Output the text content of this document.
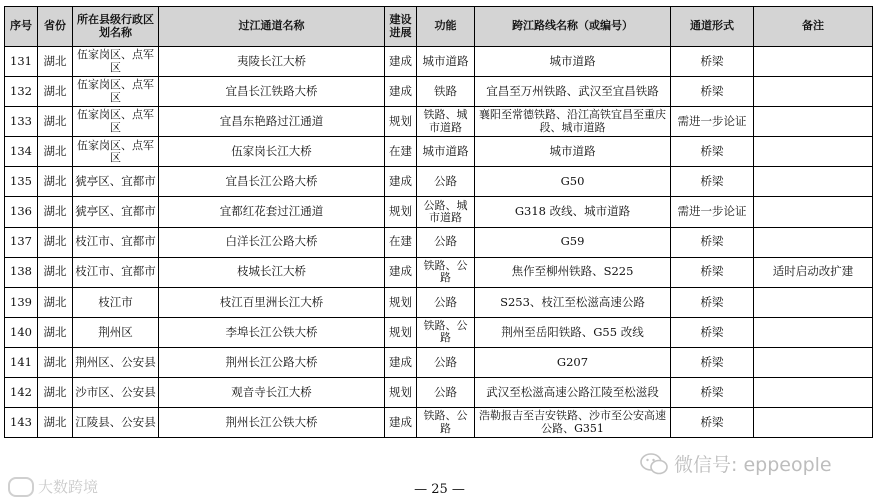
序号	省份	所在县级行政区划名称	过江通道名称	建设进展	功能	跨江路线名称（或编号）	通道形式	备注
131	湖北	伍家岗区、点军区	夷陵长江大桥	建成	城市道路	城市道路	桥梁	
132	湖北	伍家岗区、点军区	宜昌长江铁路大桥	建成	铁路	宜昌至万州铁路、武汉至宜昌铁路	桥梁	
133	湖北	伍家岗区、点军区	宜昌东艳路过江通道	规划	铁路、城市道路	襄阳至常德铁路、沿江高铁宜昌至重庆段、城市道路	需进一步论证	
134	湖北	伍家岗区、点军区	伍家岗长江大桥	在建	城市道路	城市道路	桥梁	
135	湖北	猇亭区、宜都市	宜昌长江公路大桥	建成	公路	G50	桥梁	
136	湖北	猇亭区、宜都市	宜都红花套过江通道	规划	公路、城市道路	G318 改线、城市道路	需进一步论证	
137	湖北	枝江市、宜都市	白洋长江公路大桥	在建	公路	G59	桥梁	
138	湖北	枝江市、宜都市	枝城长江大桥	建成	铁路、公路	焦作至柳州铁路、S225	桥梁	适时启动改扩建
139	湖北	枝江市	枝江百里洲长江大桥	规划	公路	S253、枝江至松滋高速公路	桥梁	
140	湖北	荆州区	李埠长江公铁大桥	规划	铁路、公路	荆州至岳阳铁路、G55 改线	桥梁	
141	湖北	荆州区、公安县	荆州长江公路大桥	建成	公路	G207	桥梁	
142	湖北	沙市区、公安县	观音寺长江大桥	规划	公路	武汉至松滋高速公路江陵至松滋段	桥梁	
143	湖北	江陵县、公安县	荆州长江公铁大桥	建成	铁路、公路	浩勒报吉至吉安铁路、沙市至公安高速公路、G351	桥梁	
— 25 —
大数跨境
微信号: eppeople
